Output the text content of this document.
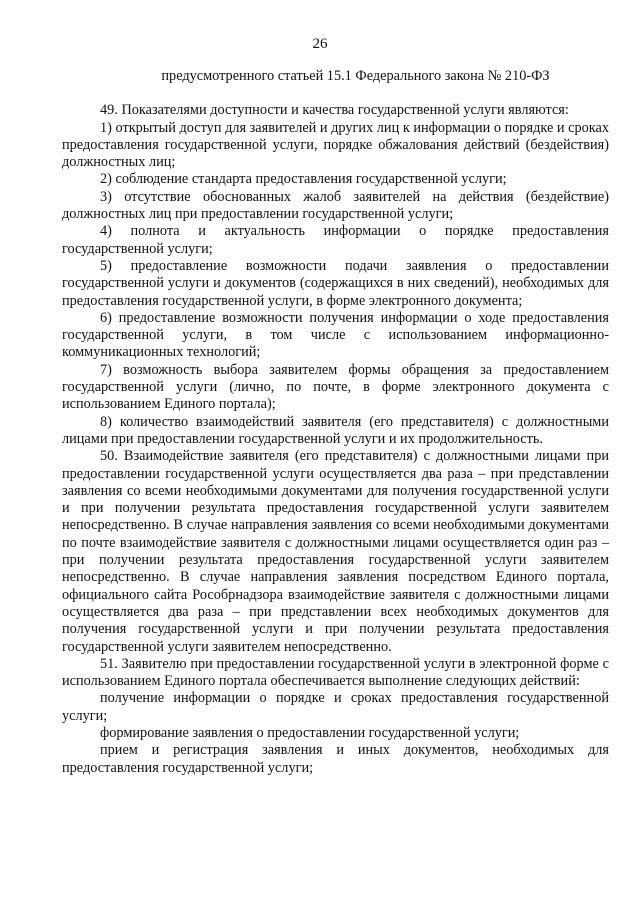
26

предусмотренного статьей 15.1 Федерального закона № 210-ФЗ

49. Показателями доступности и качества государственной услуги являются:

1) открытый доступ для заявителей и других лиц к информации о порядке и сроках предоставления государственной услуги, порядке обжалования действий (бездействия) должностных лиц;

2) соблюдение стандарта предоставления государственной услуги;

3) отсутствие обоснованных жалоб заявителей на действия (бездействие) должностных лиц при предоставлении государственной услуги;

4) полнота и актуальность информации о порядке предоставления государственной услуги;

5) предоставление возможности подачи заявления о предоставлении государственной услуги и документов (содержащихся в них сведений), необходимых для предоставления государственной услуги, в форме электронного документа;

6) предоставление возможности получения информации о ходе предоставления государственной услуги, в том числе с использованием информационно-коммуникационных технологий;

7) возможность выбора заявителем формы обращения за предоставлением государственной услуги (лично, по почте, в форме электронного документа с использованием Единого портала);

8) количество взаимодействий заявителя (его представителя) с должностными лицами при предоставлении государственной услуги и их продолжительность.

50. Взаимодействие заявителя (его представителя) с должностными лицами при предоставлении государственной услуги осуществляется два раза – при представлении заявления со всеми необходимыми документами для получения государственной услуги и при получении результата предоставления государственной услуги заявителем непосредственно. В случае направления заявления со всеми необходимыми документами по почте взаимодействие заявителя с должностными лицами осуществляется один раз – при получении результата предоставления государственной услуги заявителем непосредственно. В случае направления заявления посредством Единого портала, официального сайта Рособрнадзора взаимодействие заявителя с должностными лицами осуществляется два раза – при представлении всех необходимых документов для получения государственной услуги и при получении результата предоставления государственной услуги заявителем непосредственно.

51. Заявителю при предоставлении государственной услуги в электронной форме с использованием Единого портала обеспечивается выполнение следующих действий:

получение информации о порядке и сроках предоставления государственной услуги;

формирование заявления о предоставлении государственной услуги;

прием и регистрация заявления и иных документов, необходимых для предоставления государственной услуги;
